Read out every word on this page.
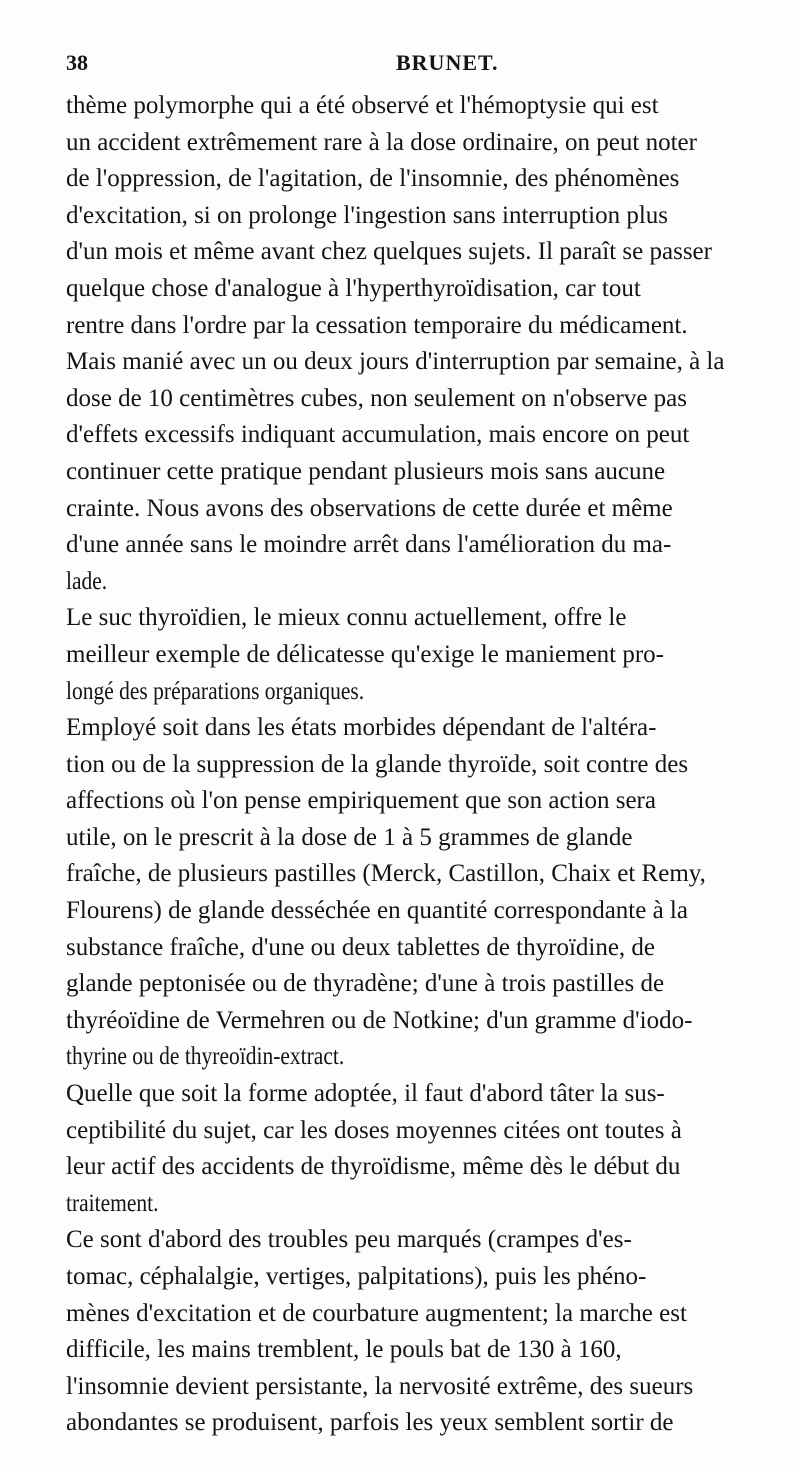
38	BRUNET.
thème polymorphe qui a été observé et l'hémoptysie qui est
un accident extrêmement rare à la dose ordinaire, on peut noter
de l'oppression, de l'agitation, de l'insomnie, des phénomènes
d'excitation, si on prolonge l'ingestion sans interruption plus
d'un mois et même avant chez quelques sujets. Il paraît se passer
quelque chose d'analogue à l'hyperthyroïdisation, car tout
rentre dans l'ordre par la cessation temporaire du médicament.
Mais manié avec un ou deux jours d'interruption par semaine, à la
dose de 10 centimètres cubes, non seulement on n'observe pas
d'effets excessifs indiquant accumulation, mais encore on peut
continuer cette pratique pendant plusieurs mois sans aucune
crainte. Nous avons des observations de cette durée et même
d'une année sans le moindre arrêt dans l'amélioration du ma-
lade.
Le suc thyroïdien, le mieux connu actuellement, offre le
meilleur exemple de délicatesse qu'exige le maniement pro-
longé des préparations organiques.
Employé soit dans les états morbides dépendant de l'altéra-
tion ou de la suppression de la glande thyroïde, soit contre des
affections où l'on pense empiriquement que son action sera
utile, on le prescrit à la dose de 1 à 5 grammes de glande
fraîche, de plusieurs pastilles (Merck, Castillon, Chaix et Remy,
Flourens) de glande desséchée en quantité correspondante à la
substance fraîche, d'une ou deux tablettes de thyroïdine, de
glande peptonisée ou de thyradène; d'une à trois pastilles de
thyréoïdine de Vermehren ou de Notkine; d'un gramme d'iodo-
thyrine ou de thyreoïdin-extract.
Quelle que soit la forme adoptée, il faut d'abord tâter la sus-
ceptibilité du sujet, car les doses moyennes citées ont toutes à
leur actif des accidents de thyroïdisme, même dès le début du
traitement.
Ce sont d'abord des troubles peu marqués (crampes d'es-
tomac, céphalalgie, vertiges, palpitations), puis les phéno-
mènes d'excitation et de courbature augmentent; la marche est
difficile, les mains tremblent, le pouls bat de 130 à 160,
l'insomnie devient persistante, la nervosité extrême, des sueurs
abondantes se produisent, parfois les yeux semblent sortir de
